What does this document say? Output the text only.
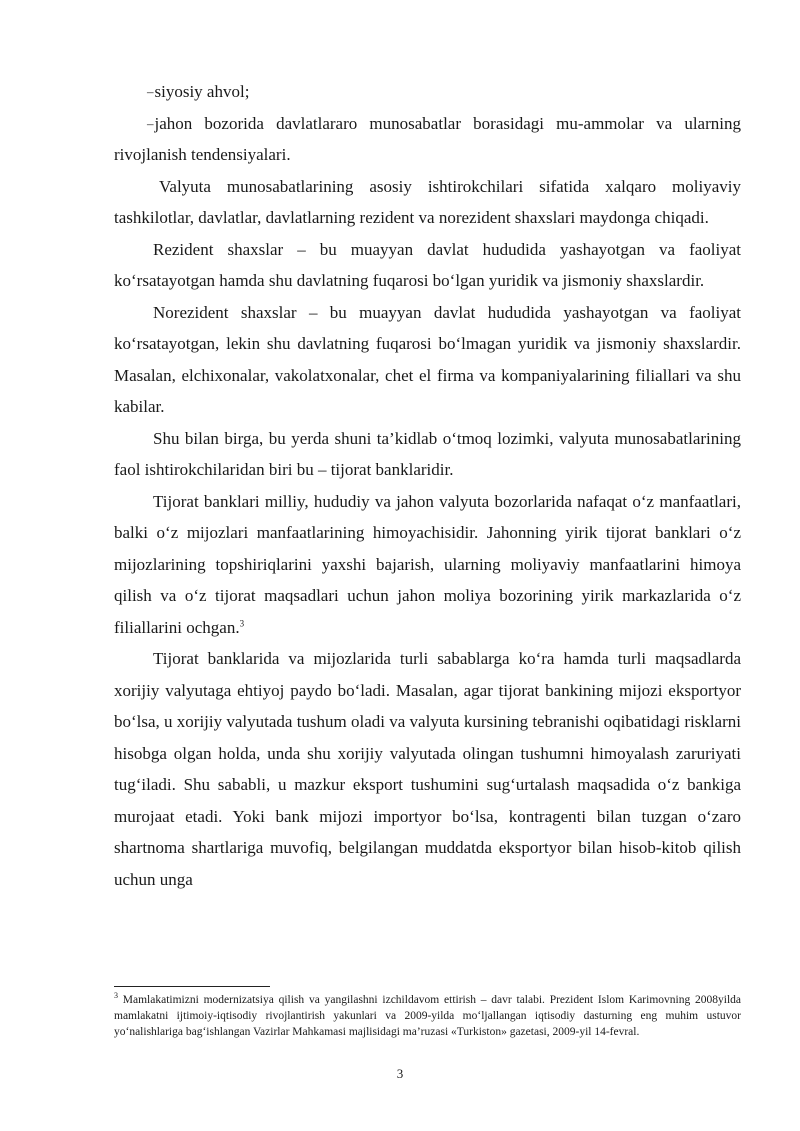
–siyosiy ahvol;

–jahon bozorida davlatlararo munosabatlar borasidagi mu-ammolar va ularning rivojlanish tendensiyalari.

Valyuta munosabatlarining asosiy ishtirokchilari sifatida xalqaro moliyaviy tashkilotlar, davlatlar, davlatlarning rezident va norezident shaxslari maydonga chiqadi.

Rezident shaxslar – bu muayyan davlat hududida yashayotgan va faoliyat ko‘rsatayotgan hamda shu davlatning fuqarosi bo‘lgan yuridik va jismoniy shaxslardir.

Norezident shaxslar – bu muayyan davlat hududida yashayotgan va faoliyat ko‘rsatayotgan, lekin shu davlatning fuqarosi bo‘lmagan yuridik va jismoniy shaxslardir. Masalan, elchixonalar, vakolatxonalar, chet el firma va kompaniyalarining filiallari va shu kabilar.

Shu bilan birga, bu yerda shuni ta’kidlab o‘tmoq lozimki, valyuta munosabatlarining faol ishtirokchilaridan biri bu – tijorat banklaridir.

Tijorat banklari milliy, hududiy va jahon valyuta bozorlarida nafaqat o‘z manfaatlari, balki o‘z mijozlari manfaatlarining himoyachisidir. Jahonning yirik tijorat banklari o‘z mijozlarining topshiriqlarini yaxshi bajarish, ularning moliyaviy manfaatlarini himoya qilish va o‘z tijorat maqsadlari uchun jahon moliya bozorining yirik markazlarida o‘z filiallarini ochgan.$^3$

Tijorat banklarida va mijozlarida turli sabablarga ko‘ra hamda turli maqsadlarda xorijiy valyutaga ehtiyoj paydo bo‘ladi. Masalan, agar tijorat bankining mijozi eksportyor bo‘lsa, u xorijiy valyutada tushum oladi va valyuta kursining tebranishi oqibatidagi risklarni hisobga olgan holda, unda shu xorijiy valyutada olingan tushumni himoyalash zaruriyati tug‘iladi. Shu sababli, u mazkur eksport tushumini sug‘urtalash maqsadida o‘z bankiga murojaat etadi. Yoki bank mijozi importyor bo‘lsa, kontragenti bilan tuzgan o‘zaro shartnoma shartlariga muvofiq, belgilangan muddatda eksportyor bilan hisob-kitob qilish uchun unga

$^3$ Mamlakatimizni modernizatsiya qilish va yangilashni izchildavom ettirish – davr talabi. Prezident Islom Karimovning 2008yilda mamlakatni ijtimoiy-iqtisodiy rivojlantirish yakunlari va 2009-yilda mo‘ljallangan iqtisodiy dasturning eng muhim ustuvor yo‘nalishlariga bag‘ishlangan Vazirlar Mahkamasi majlisidagi ma’ruzasi «Turkiston» gazetasi, 2009-yil 14-fevral.

3
